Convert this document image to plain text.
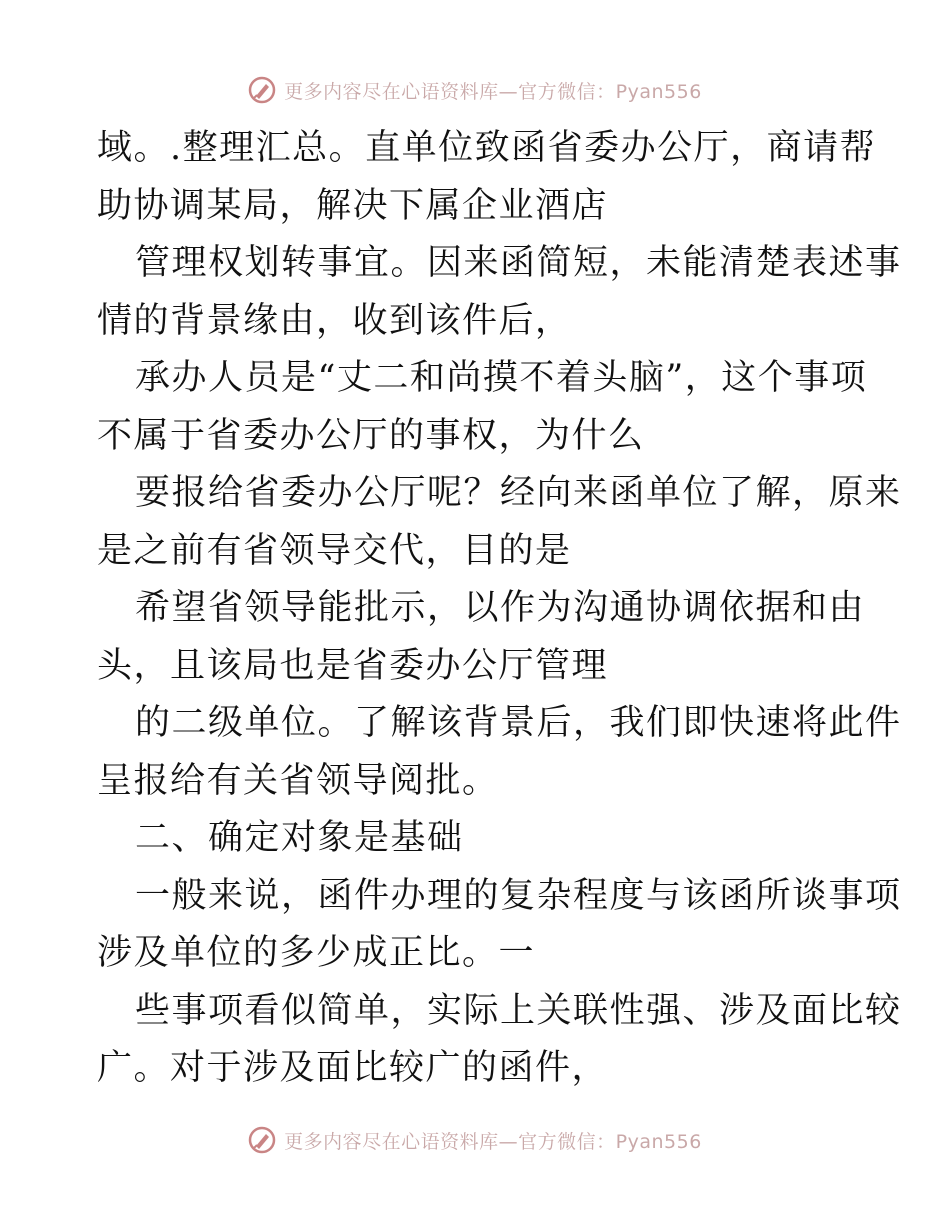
更多内容尽在心语资料库—官方微信：Pyan556
域。.整理汇总。直单位致函省委办公厅，商请帮
助协调某局，解决下属企业酒店
管理权划转事宜。因来函简短，未能清楚表述事
情的背景缘由，收到该件后，
承办人员是“丈二和尚摸不着头脑”，这个事项
不属于省委办公厅的事权，为什么
要报给省委办公厅呢？经向来函单位了解，原来
是之前有省领导交代，目的是
希望省领导能批示，以作为沟通协调依据和由
头，且该局也是省委办公厅管理
的二级单位。了解该背景后，我们即快速将此件
呈报给有关省领导阅批。
二、确定对象是基础
一般来说，函件办理的复杂程度与该函所谈事项
涉及单位的多少成正比。一
些事项看似简单，实际上关联性强、涉及面比较
广。对于涉及面比较广的函件，
更多内容尽在心语资料库—官方微信：Pyan556
